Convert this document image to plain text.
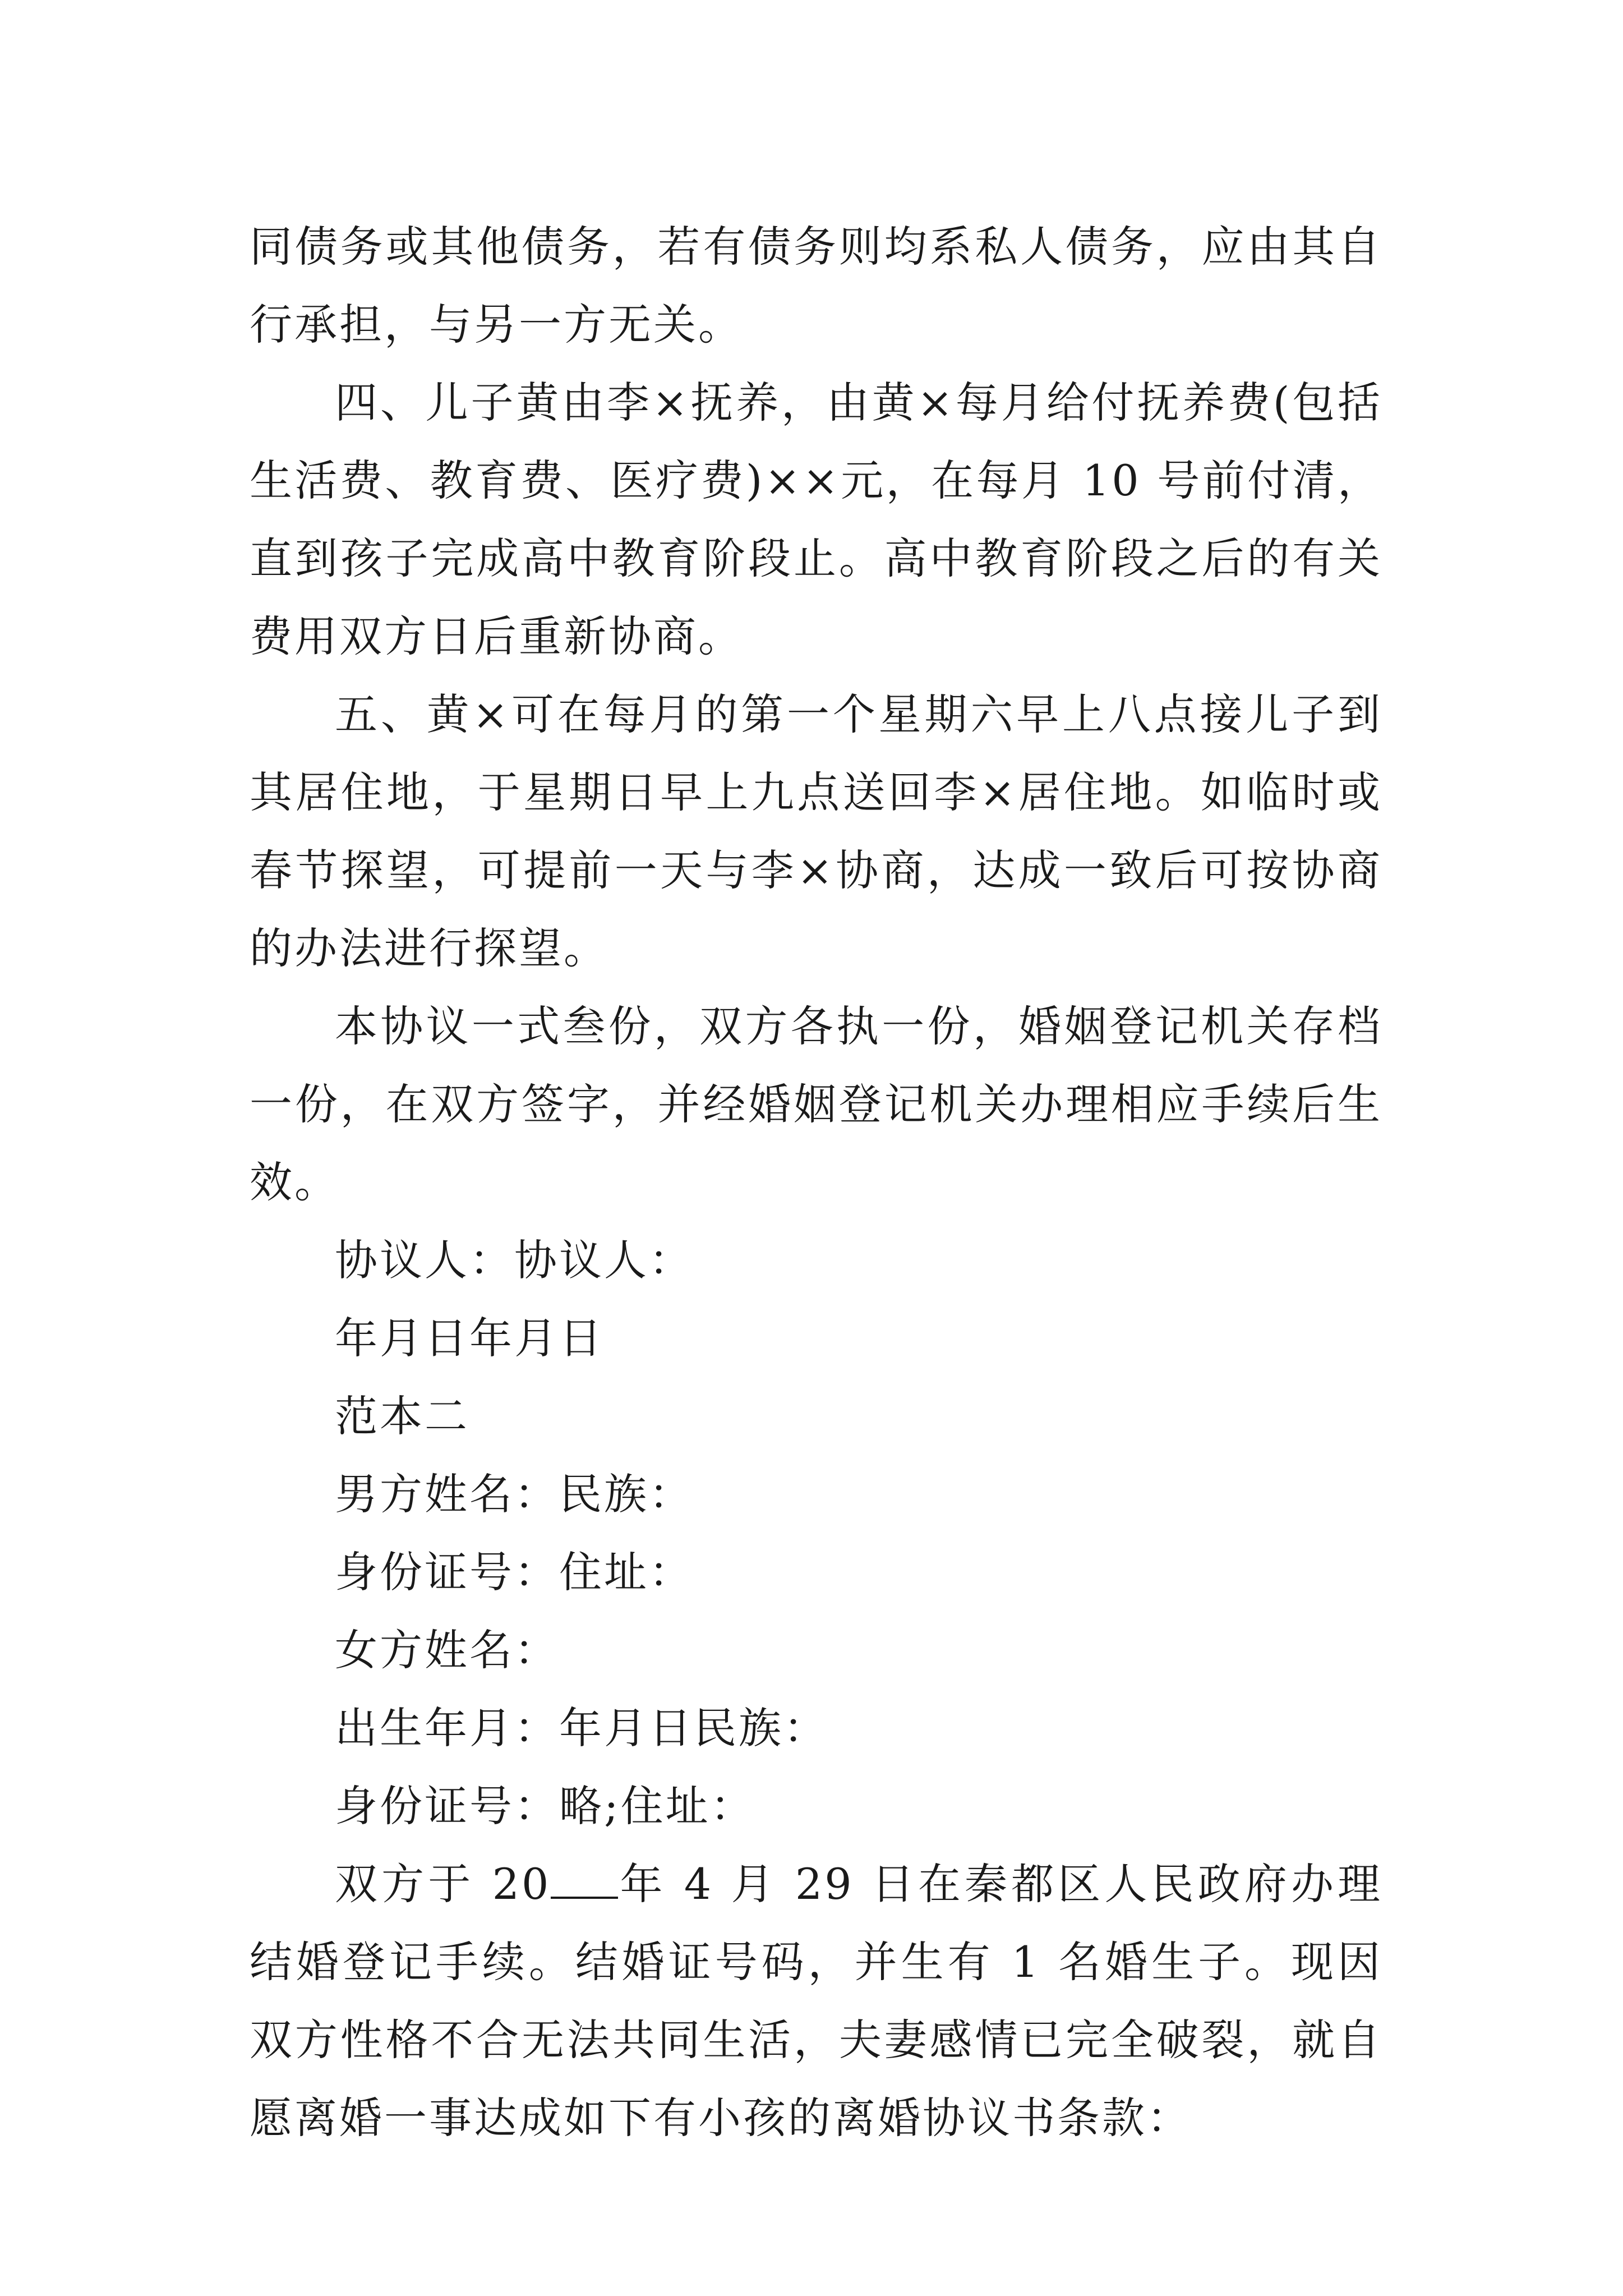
同债务或其他债务，若有债务则均系私人债务，应由其自行承担，与另一方无关。

四、儿子黄由李×抚养，由黄×每月给付抚养费(包括生活费、教育费、医疗费)××元，在每月 10 号前付清，直到孩子完成高中教育阶段止。高中教育阶段之后的有关费用双方日后重新协商。

五、黄×可在每月的第一个星期六早上八点接儿子到其居住地，于星期日早上九点送回李×居住地。如临时或春节探望，可提前一天与李×协商，达成一致后可按协商的办法进行探望。

本协议一式叁份，双方各执一份，婚姻登记机关存档一份，在双方签字，并经婚姻登记机关办理相应手续后生效。

协议人：协议人：
年月日年月日
范本二
男方姓名：民族：
身份证号：住址：
女方姓名：
出生年月：年月日民族：
身份证号：略;住址：

双方于 20 年 4 月 29 日在秦都区人民政府办理结婚登记手续。结婚证号码，并生有 1 名婚生子。现因双方性格不合无法共同生活，夫妻感情已完全破裂，就自愿离婚一事达成如下有小孩的离婚协议书条款：
